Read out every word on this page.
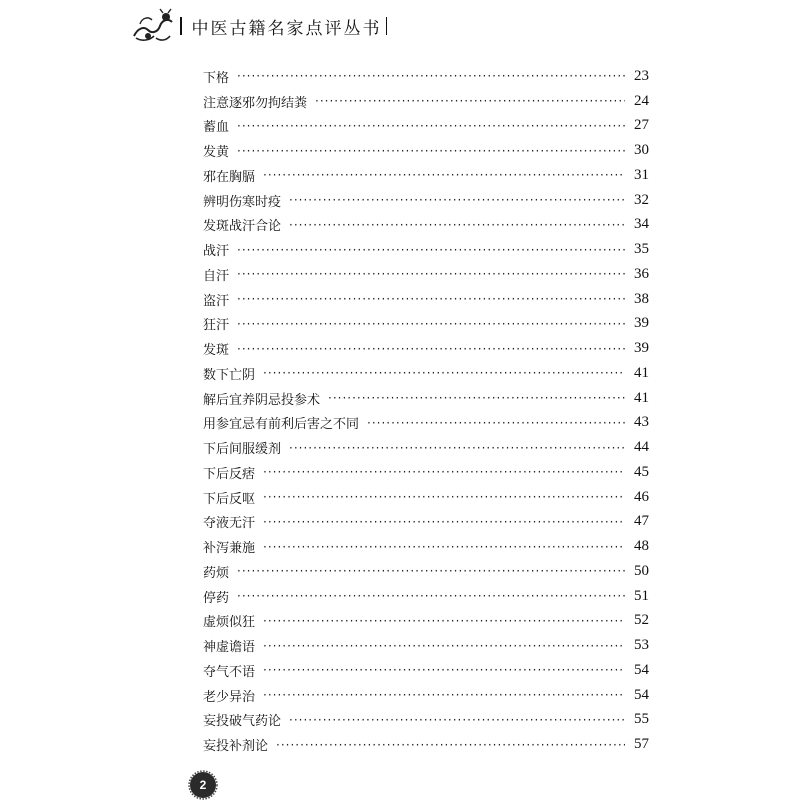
中医古籍名家点评丛书
下格 ·····	23
注意逐邪勿拘结粪 ·····	24
蓄血 ·····	27
发黄 ·····	30
邪在胸膈 ·····	31
辨明伤寒时疫 ·····	32
发斑战汗合论 ·····	34
战汗 ·····	35
自汗 ·····	36
盗汗 ·····	38
狂汗 ·····	39
发斑 ·····	39
数下亡阴 ·····	41
解后宜养阴忌投参术 ·····	41
用参宜忌有前利后害之不同 ·····	43
下后间服缓剂 ·····	44
下后反痞 ·····	45
下后反呕 ·····	46
夺液无汗 ·····	47
补泻兼施 ·····	48
药烦 ·····	50
停药 ·····	51
虚烦似狂 ·····	52
神虚谵语 ·····	53
夺气不语 ·····	54
老少异治 ·····	54
妄投破气药论 ·····	55
妄投补剂论 ·····	57
2
